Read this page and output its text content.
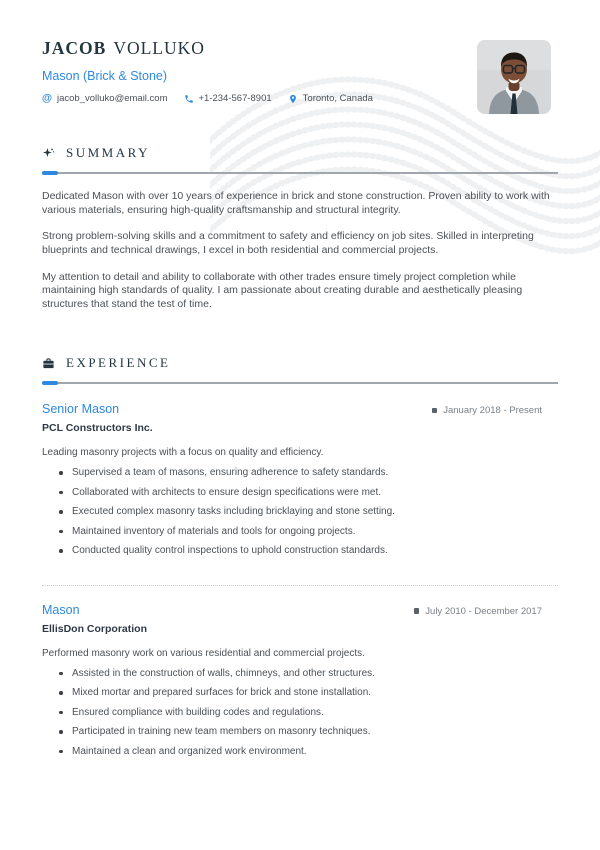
JACOB VOLLUKO
Mason (Brick & Stone)
@ jacob_volluko@email.com	+1-234-567-8901	Toronto, Canada
SUMMARY

Dedicated Mason with over 10 years of experience in brick and stone construction. Proven ability to work with various materials, ensuring high-quality craftsmanship and structural integrity.

Strong problem-solving skills and a commitment to safety and efficiency on job sites. Skilled in interpreting blueprints and technical drawings, I excel in both residential and commercial projects.

My attention to detail and ability to collaborate with other trades ensure timely project completion while maintaining high standards of quality. I am passionate about creating durable and aesthetically pleasing structures that stand the test of time.

EXPERIENCE
Senior Mason	January 2018 - Present
PCL Constructors Inc.

Leading masonry projects with a focus on quality and efficiency.

Supervised a team of masons, ensuring adherence to safety standards.
Collaborated with architects to ensure design specifications were met.
Executed complex masonry tasks including bricklaying and stone setting.
Maintained inventory of materials and tools for ongoing projects.
Conducted quality control inspections to uphold construction standards.
Mason	July 2010 - December 2017
EllisDon Corporation

Performed masonry work on various residential and commercial projects.

Assisted in the construction of walls, chimneys, and other structures.
Mixed mortar and prepared surfaces for brick and stone installation.
Ensured compliance with building codes and regulations.
Participated in training new team members on masonry techniques.
Maintained a clean and organized work environment.
